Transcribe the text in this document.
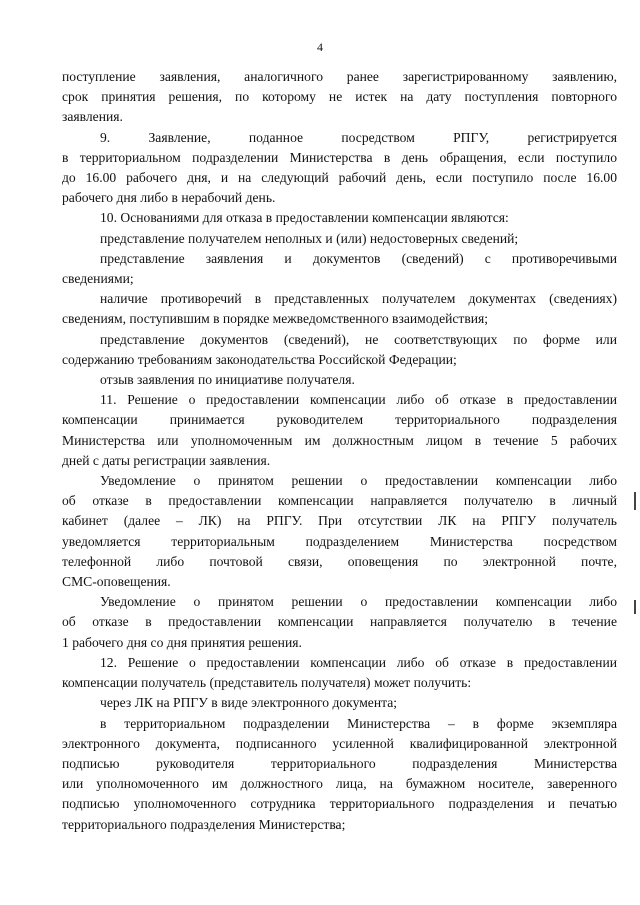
4
поступление заявления, аналогичного ранее зарегистрированному заявлению,
срок принятия решения, по которому не истек на дату поступления повторного
заявления.
9. Заявление, поданное посредством РПГУ, регистрируется
в территориальном подразделении Министерства в день обращения, если поступило
до 16.00 рабочего дня, и на следующий рабочий день, если поступило после 16.00
рабочего дня либо в нерабочий день.
10. Основаниями для отказа в предоставлении компенсации являются:
представление получателем неполных и (или) недостоверных сведений;
представление заявления и документов (сведений) с противоречивыми
сведениями;
наличие противоречий в представленных получателем документах (сведениях)
сведениям, поступившим в порядке межведомственного взаимодействия;
представление документов (сведений), не соответствующих по форме или
содержанию требованиям законодательства Российской Федерации;
отзыв заявления по инициативе получателя.
11. Решение о предоставлении компенсации либо об отказе в предоставлении
компенсации принимается руководителем территориального подразделения
Министерства или уполномоченным им должностным лицом в течение 5 рабочих
дней с даты регистрации заявления.
Уведомление о принятом решении о предоставлении компенсации либо
об отказе в предоставлении компенсации направляется получателю в личный
кабинет (далее – ЛК) на РПГУ. При отсутствии ЛК на РПГУ получатель
уведомляется территориальным подразделением Министерства посредством
телефонной либо почтовой связи, оповещения по электронной почте,
СМС-оповещения.
Уведомление о принятом решении о предоставлении компенсации либо
об отказе в предоставлении компенсации направляется получателю в течение
1 рабочего дня со дня принятия решения.
12. Решение о предоставлении компенсации либо об отказе в предоставлении
компенсации получатель (представитель получателя) может получить:
через ЛК на РПГУ в виде электронного документа;
в территориальном подразделении Министерства – в форме экземпляра
электронного документа, подписанного усиленной квалифицированной электронной
подписью руководителя территориального подразделения Министерства
или уполномоченного им должностного лица, на бумажном носителе, заверенного
подписью уполномоченного сотрудника территориального подразделения и печатью
территориального подразделения Министерства;
